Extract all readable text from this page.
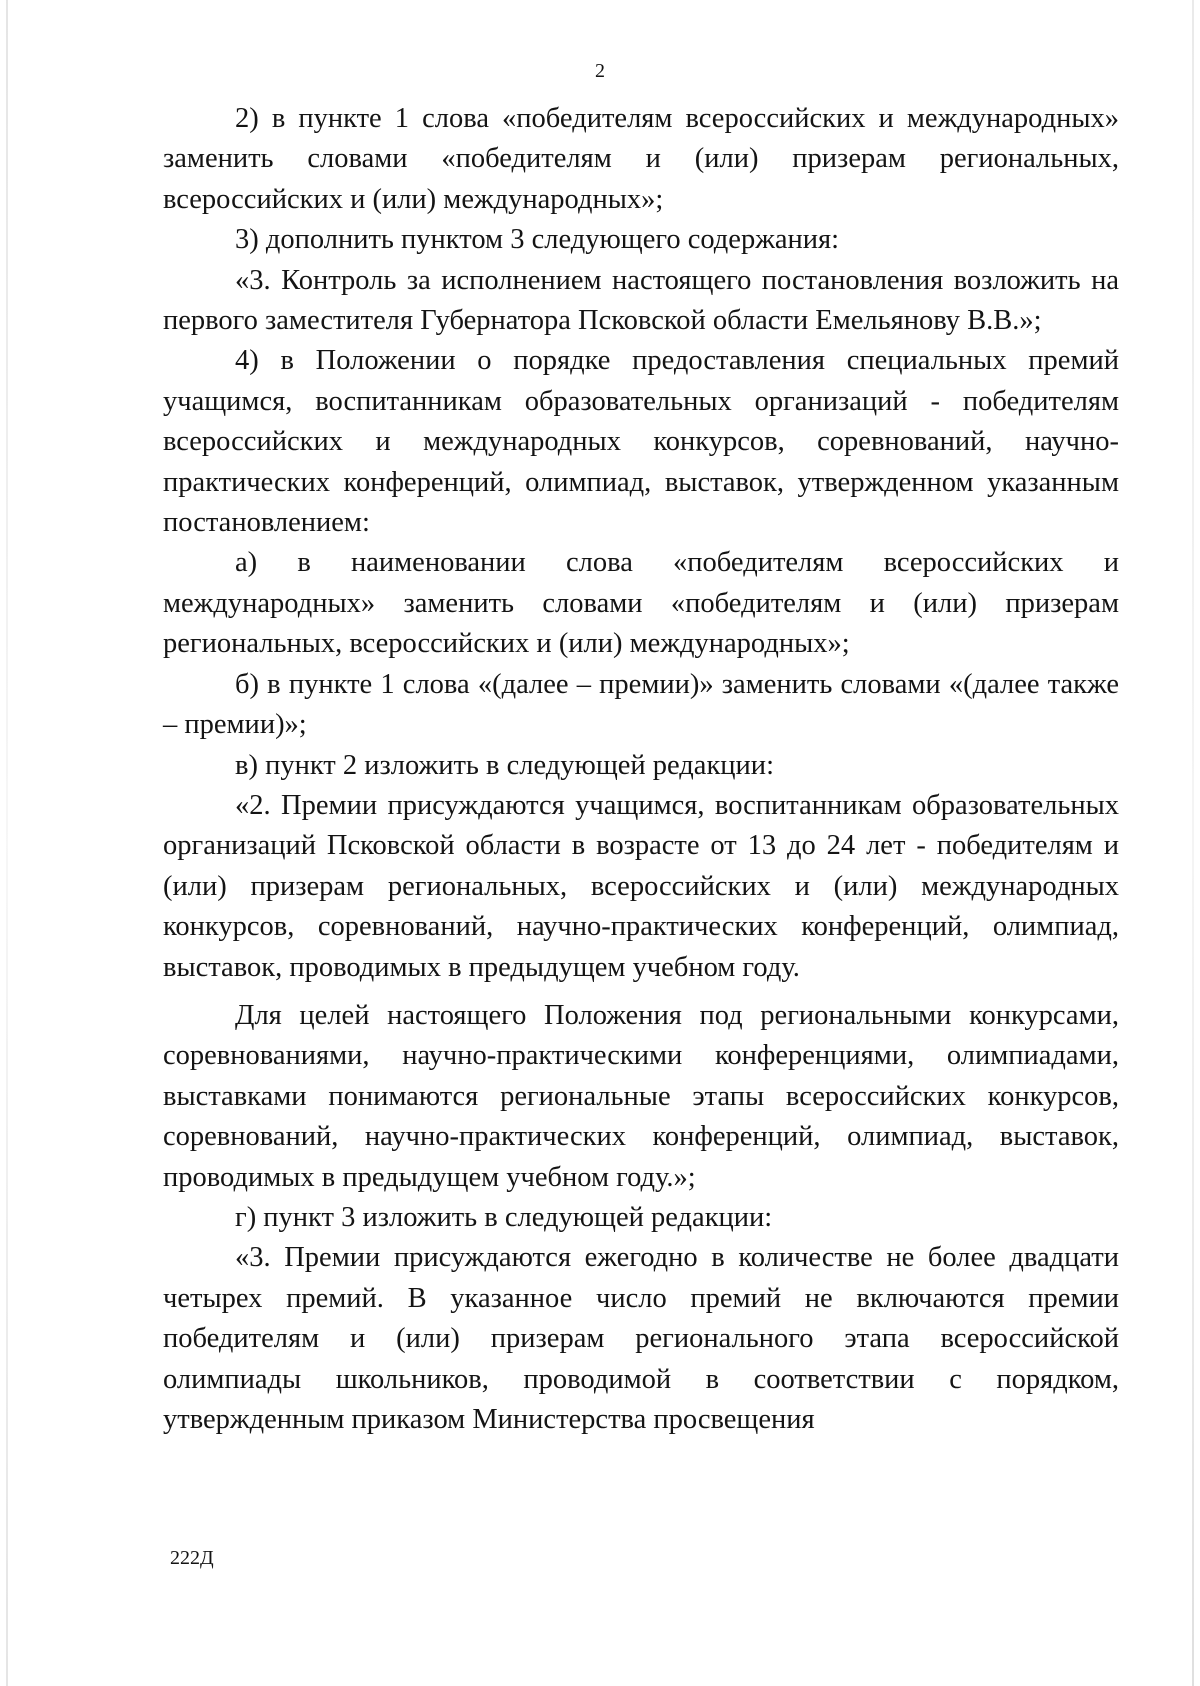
2

2) в пункте 1 слова «победителям всероссийских и международных» заменить словами «победителям и (или) призерам региональных, всероссийских и (или) международных»;

3) дополнить пунктом 3 следующего содержания:

«3. Контроль за исполнением настоящего постановления возложить на первого заместителя Губернатора Псковской области Емельянову В.В.»;

4) в Положении о порядке предоставления специальных премий учащимся, воспитанникам образовательных организаций - победителям всероссийских и международных конкурсов, соревнований, научно-практических конференций, олимпиад, выставок, утвержденном указанным постановлением:

а) в наименовании слова «победителям всероссийских и международных» заменить словами «победителям и (или) призерам региональных, всероссийских и (или) международных»;

б) в пункте 1 слова «(далее – премии)» заменить словами «(далее также – премии)»;

в) пункт 2 изложить в следующей редакции:

«2. Премии присуждаются учащимся, воспитанникам образовательных организаций Псковской области в возрасте от 13 до 24 лет - победителям и (или) призерам региональных, всероссийских и (или) международных конкурсов, соревнований, научно-практических конференций, олимпиад, выставок, проводимых в предыдущем учебном году.

Для целей настоящего Положения под региональными конкурсами, соревнованиями, научно-практическими конференциями, олимпиадами, выставками понимаются региональные этапы всероссийских конкурсов, соревнований, научно-практических конференций, олимпиад, выставок, проводимых в предыдущем учебном году.»;

г) пункт 3 изложить в следующей редакции:

«3. Премии присуждаются ежегодно в количестве не более двадцати четырех премий. В указанное число премий не включаются премии победителям и (или) призерам регионального этапа всероссийской олимпиады школьников, проводимой в соответствии с порядком, утвержденным приказом Министерства просвещения

222Д
